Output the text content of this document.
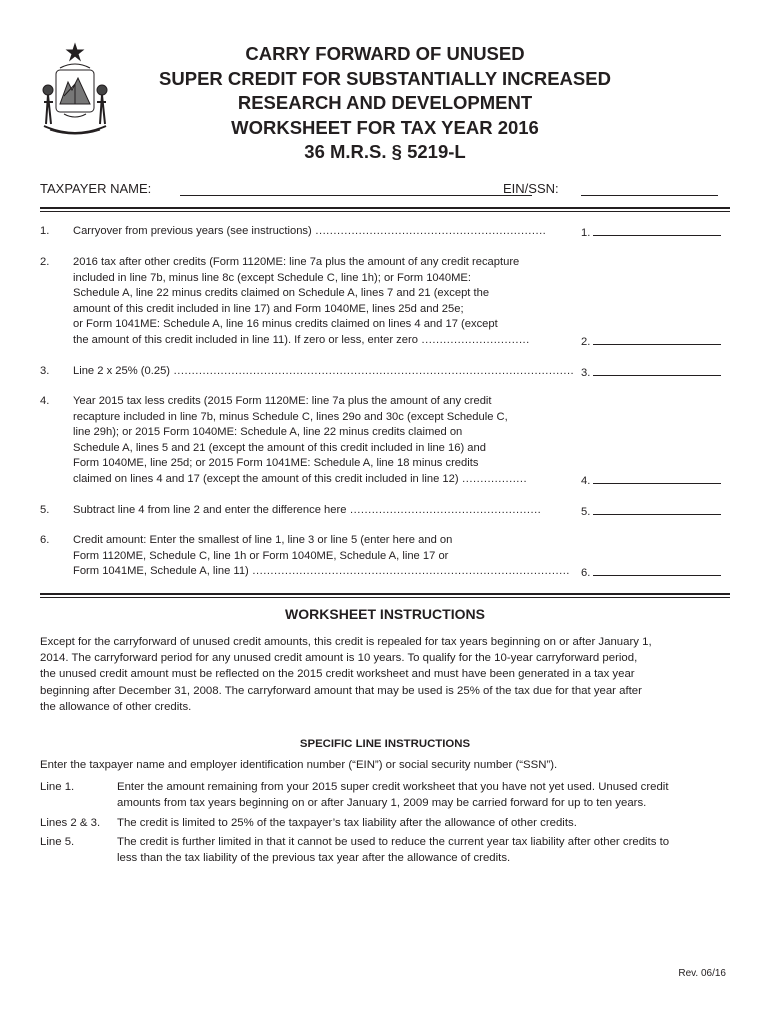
CARRY FORWARD OF UNUSED
SUPER CREDIT FOR SUBSTANTIALLY INCREASED
RESEARCH AND DEVELOPMENT
WORKSHEET FOR TAX YEAR 2016
36 M.R.S. § 5219-L
TAXPAYER NAME:	EIN/SSN:
1. Carryover from previous years (see instructions) ................................................................	1.
2. 2016 tax after other credits (Form 1120ME: line 7a plus the amount of any credit recapture
included in line 7b, minus line 8c (except Schedule C, line 1h); or Form 1040ME:
Schedule A, line 22 minus credits claimed on Schedule A, lines 7 and 21 (except the
amount of this credit included in line 17) and Form 1040ME, lines 25d and 25e;
or Form 1041ME: Schedule A, line 16 minus credits claimed on lines 4 and 17 (except
the amount of this credit included in line 11). If zero or less, enter zero ..............................	2.
3. Line 2 x 25% (0.25) ............................................................................................................... 3.
4. Year 2015 tax less credits (2015 Form 1120ME: line 7a plus the amount of any credit
recapture included in line 7b, minus Schedule C, lines 29o and 30c (except Schedule C,
line 29h); or 2015 Form 1040ME: Schedule A, line 22 minus credits claimed on
Schedule A, lines 5 and 21 (except the amount of this credit included in line 16) and
Form 1040ME, line 25d; or 2015 Form 1041ME: Schedule A, line 18 minus credits
claimed on lines 4 and 17 (except the amount of this credit included in line 12) ..................	4.
5. Subtract line 4 from line 2 and enter the difference here .....................................................	5.
6. Credit amount: Enter the smallest of line 1, line 3 or line 5 (enter here and on
Form 1120ME, Schedule C, line 1h or Form 1040ME, Schedule A, line 17 or
Form 1041ME, Schedule A, line 11) ........................................................................................ 6.
WORKSHEET INSTRUCTIONS
Except for the carryforward of unused credit amounts, this credit is repealed for tax years beginning on or after January 1,
2014. The carryforward period for any unused credit amount is 10 years. To qualify for the 10-year carryforward period,
the unused credit amount must be reflected on the 2015 credit worksheet and must have been generated in a tax year
beginning after December 31, 2008. The carryforward amount that may be used is 25% of the tax due for that year after
the allowance of other credits.
SPECIFIC LINE INSTRUCTIONS
Enter the taxpayer name and employer identification number (“EIN”) or social security number (“SSN”).
Line 1.	Enter the amount remaining from your 2015 super credit worksheet that you have not yet used. Unused credit
amounts from tax years beginning on or after January 1, 2009 may be carried forward for up to ten years.
Lines 2 & 3. The credit is limited to 25% of the taxpayer’s tax liability after the allowance of other credits.
Line 5.	The credit is further limited in that it cannot be used to reduce the current year tax liability after other credits to
less than the tax liability of the previous tax year after the allowance of credits.
Rev. 06/16
